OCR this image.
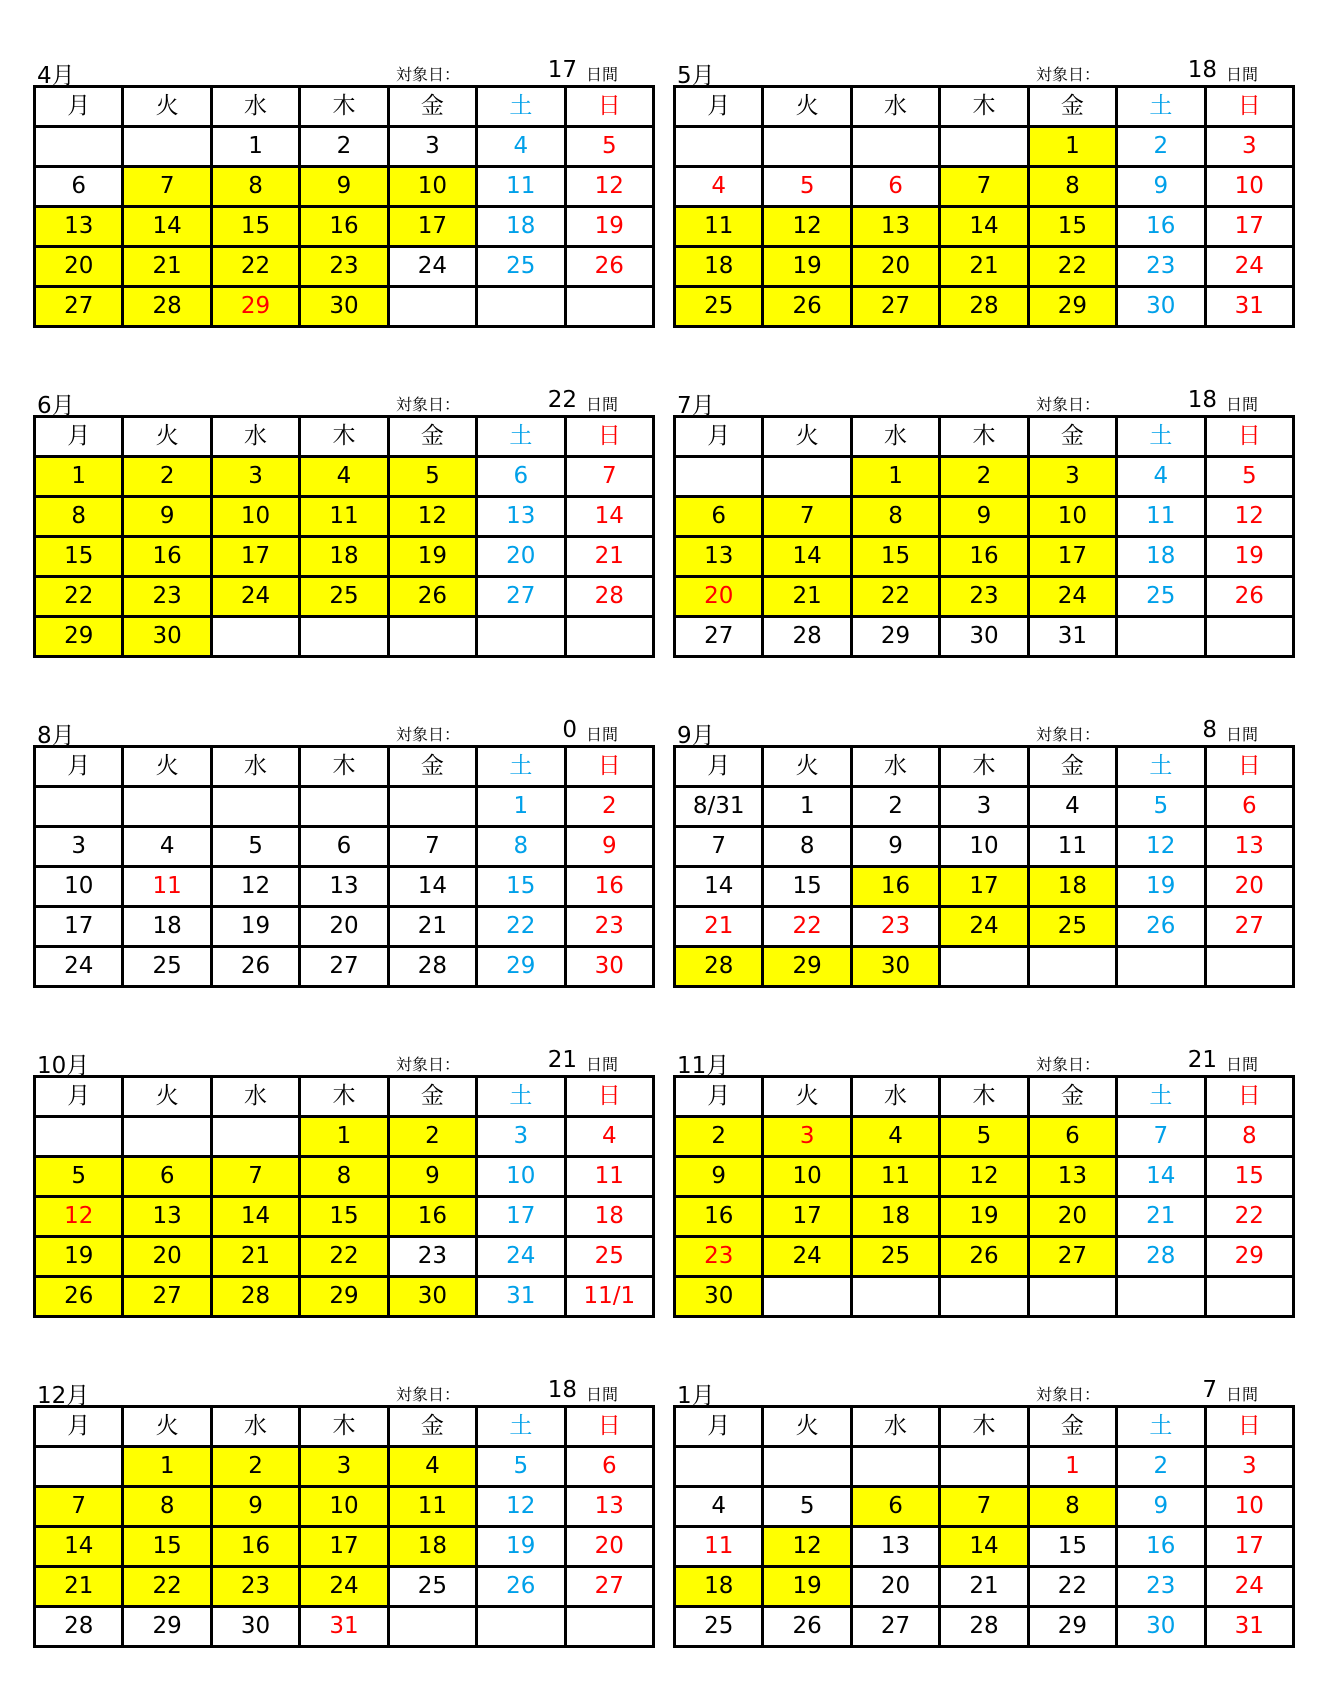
4月	対象日：	17 日間
月	火	水	木	金	土	日
		1	2	3	4	5
6	7	8	9	10	11	12
13	14	15	16	17	18	19
20	21	22	23	24	25	26
27	28	29	30			
5月	対象日：	18 日間
月	火	水	木	金	土	日
				1	2	3
4	5	6	7	8	9	10
11	12	13	14	15	16	17
18	19	20	21	22	23	24
25	26	27	28	29	30	31
6月	対象日：	22 日間
月	火	水	木	金	土	日
1	2	3	4	5	6	7
8	9	10	11	12	13	14
15	16	17	18	19	20	21
22	23	24	25	26	27	28
29	30					
7月	対象日：	18 日間
月	火	水	木	金	土	日
		1	2	3	4	5
6	7	8	9	10	11	12
13	14	15	16	17	18	19
20	21	22	23	24	25	26
27	28	29	30	31		
8月	対象日：	0 日間
月	火	水	木	金	土	日
					1	2
3	4	5	6	7	8	9
10	11	12	13	14	15	16
17	18	19	20	21	22	23
24	25	26	27	28	29	30
9月	対象日：	8 日間
月	火	水	木	金	土	日
8/31	1	2	3	4	5	6
7	8	9	10	11	12	13
14	15	16	17	18	19	20
21	22	23	24	25	26	27
28	29	30				
10月	対象日：	21 日間
月	火	水	木	金	土	日
			1	2	3	4
5	6	7	8	9	10	11
12	13	14	15	16	17	18
19	20	21	22	23	24	25
26	27	28	29	30	31	11/1
11月	対象日：	21 日間
月	火	水	木	金	土	日
2	3	4	5	6	7	8
9	10	11	12	13	14	15
16	17	18	19	20	21	22
23	24	25	26	27	28	29
30						
12月	対象日：	18 日間
月	火	水	木	金	土	日
	1	2	3	4	5	6
7	8	9	10	11	12	13
14	15	16	17	18	19	20
21	22	23	24	25	26	27
28	29	30	31			
1月	対象日：	7 日間
月	火	水	木	金	土	日
				1	2	3
4	5	6	7	8	9	10
11	12	13	14	15	16	17
18	19	20	21	22	23	24
25	26	27	28	29	30	31
